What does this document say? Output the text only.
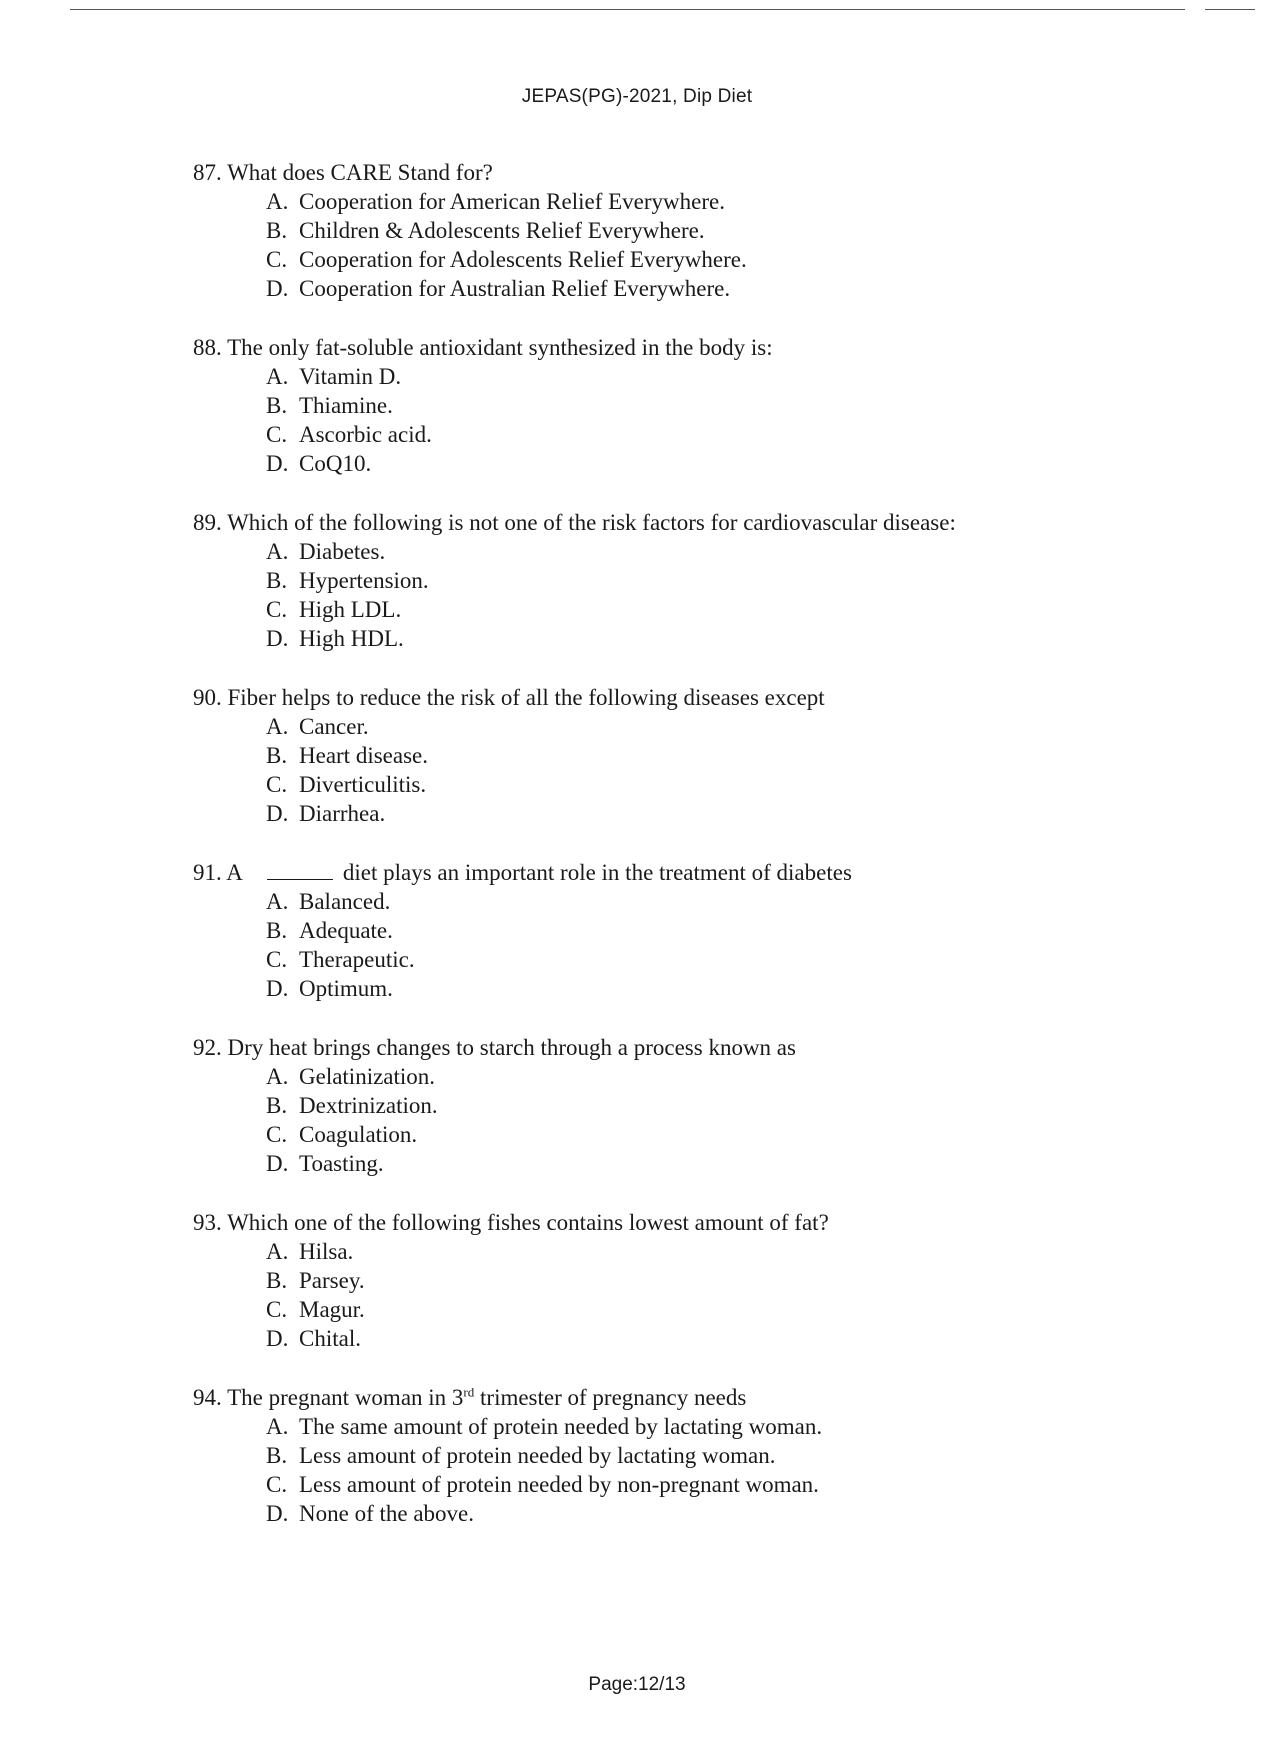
JEPAS(PG)-2021, Dip Diet
87. What does CARE Stand for?
A. Cooperation for American Relief Everywhere.
B. Children & Adolescents Relief Everywhere.
C. Cooperation for Adolescents Relief Everywhere.
D. Cooperation for Australian Relief Everywhere.
88. The only fat-soluble antioxidant synthesized in the body is:
A. Vitamin D.
B. Thiamine.
C. Ascorbic acid.
D. CoQ10.
89. Which of the following is not one of the risk factors for cardiovascular disease:
A. Diabetes.
B. Hypertension.
C. High LDL.
D. High HDL.
90. Fiber helps to reduce the risk of all the following diseases except
A. Cancer.
B. Heart disease.
C. Diverticulitis.
D. Diarrhea.
91. A	diet plays an important role in the treatment of diabetes
A. Balanced.
B. Adequate.
C. Therapeutic.
D. Optimum.
92. Dry heat brings changes to starch through a process known as
A. Gelatinization.
B. Dextrinization.
C. Coagulation.
D. Toasting.
93. Which one of the following fishes contains lowest amount of fat?
A. Hilsa.
B. Parsey.
C. Magur.
D. Chital.
94. The pregnant woman in 3rd trimester of pregnancy needs
A. The same amount of protein needed by lactating woman.
B. Less amount of protein needed by lactating woman.
C. Less amount of protein needed by non-pregnant woman.
D. None of the above.
Page:12/13
